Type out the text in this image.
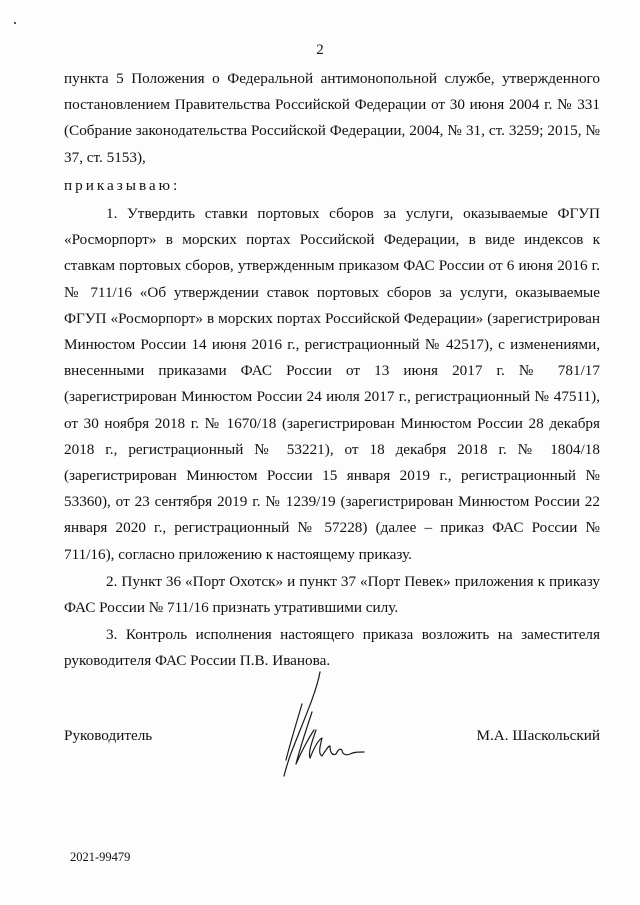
2

пункта 5 Положения о Федеральной антимонопольной службе, утвержденного постановлением Правительства Российской Федерации от 30 июня 2004 г. № 331 (Собрание законодательства Российской Федерации, 2004, № 31, ст. 3259; 2015, № 37, ст. 5153),

приказываю:

1. Утвердить ставки портовых сборов за услуги, оказываемые ФГУП «Росморпорт» в морских портах Российской Федерации, в виде индексов к ставкам портовых сборов, утвержденным приказом ФАС России от 6 июня 2016 г. № 711/16 «Об утверждении ставок портовых сборов за услуги, оказываемые ФГУП «Росморпорт» в морских портах Российской Федерации» (зарегистрирован Минюстом России 14 июня 2016 г., регистрационный № 42517), с изменениями, внесенными приказами ФАС России от 13 июня 2017 г. № 781/17 (зарегистрирован Минюстом России 24 июля 2017 г., регистрационный № 47511), от 30 ноября 2018 г. № 1670/18 (зарегистрирован Минюстом России 28 декабря 2018 г., регистрационный № 53221), от 18 декабря 2018 г. № 1804/18 (зарегистрирован Минюстом России 15 января 2019 г., регистрационный № 53360), от 23 сентября 2019 г. № 1239/19 (зарегистрирован Минюстом России 22 января 2020 г., регистрационный № 57228) (далее – приказ ФАС России № 711/16), согласно приложению к настоящему приказу.

2. Пункт 36 «Порт Охотск» и пункт 37 «Порт Певек» приложения к приказу ФАС России № 711/16 признать утратившими силу.

3. Контроль исполнения настоящего приказа возложить на заместителя руководителя ФАС России П.В. Иванова.

Руководитель	М.А. Шаскольский
2021-99479
